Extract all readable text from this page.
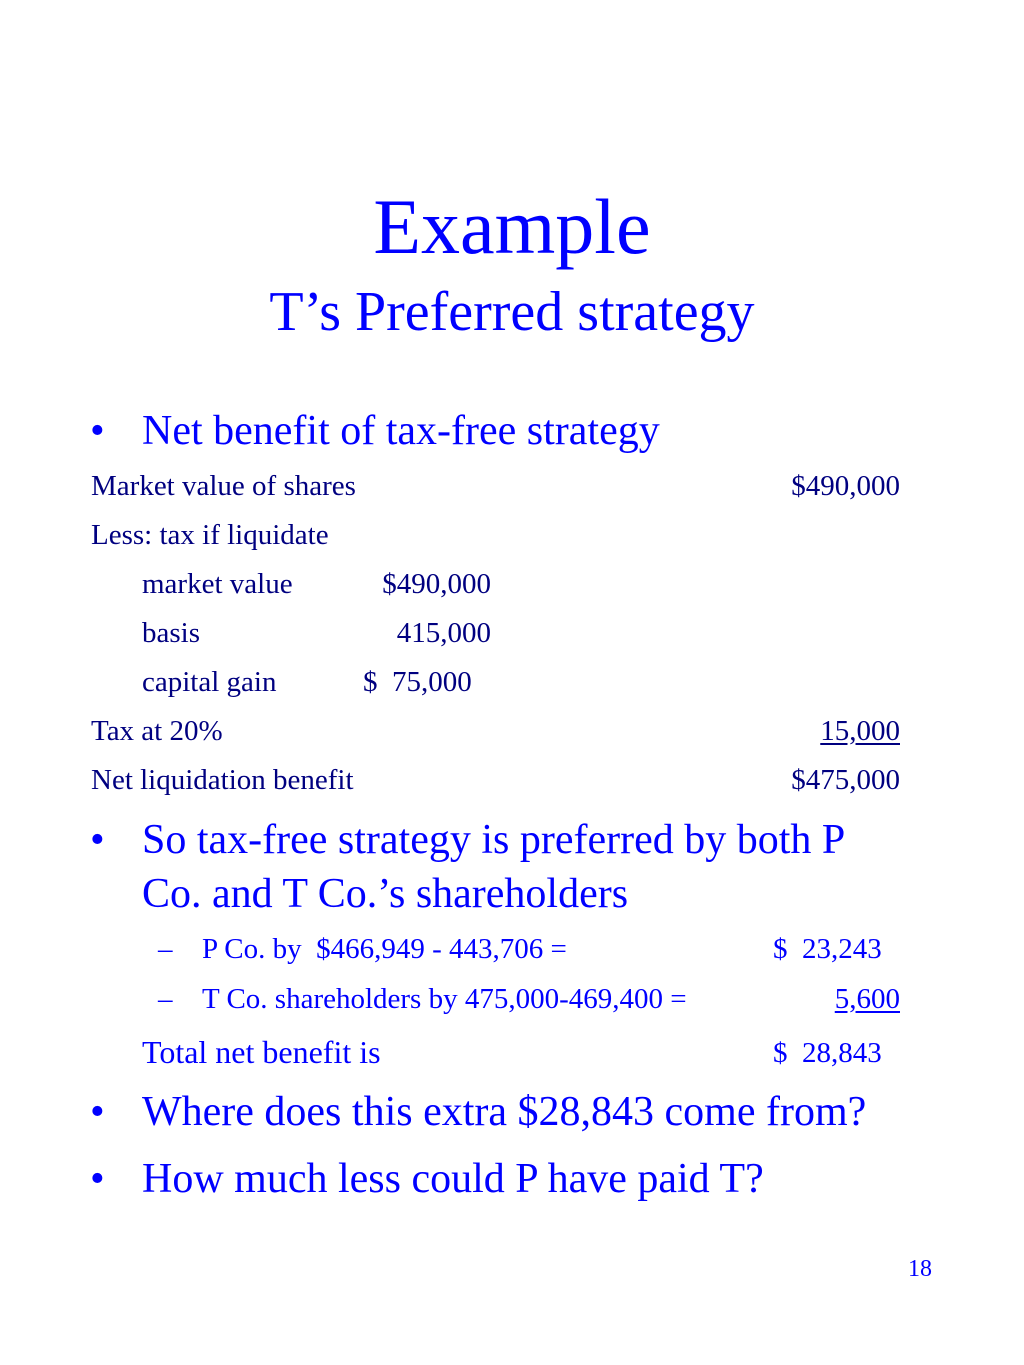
Example
T’s Preferred strategy
• Net benefit of tax-free strategy
Market value of shares	$490,000
Less: tax if liquidate
market value	$490,000
basis	415,000
capital gain	$  75,000
Tax at 20%	15,000
Net liquidation benefit	$475,000
• So tax-free strategy is preferred by both P
Co. and T Co.’s shareholders
– P Co. by  $466,949 - 443,706 =	$  23,243
– T Co. shareholders by 475,000-469,400 =	5,600
Total net benefit is	$  28,843
• Where does this extra $28,843 come from?
• How much less could P have paid T?
18
